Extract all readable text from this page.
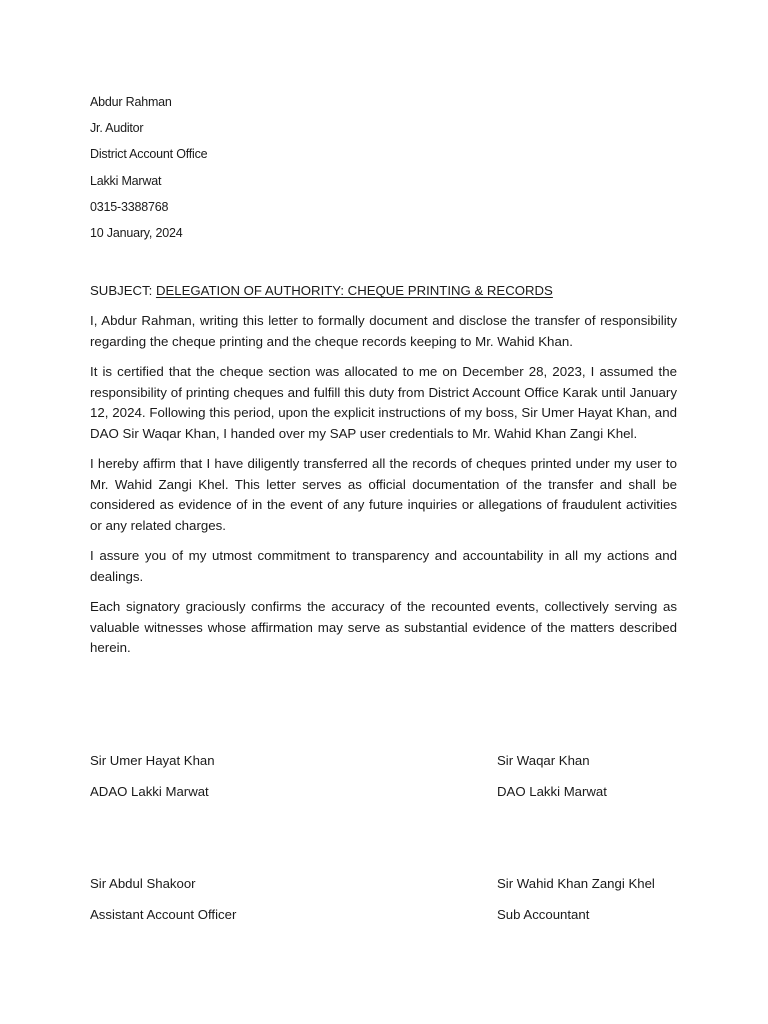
Abdur Rahman
Jr. Auditor
District Account Office
Lakki Marwat
0315-3388768
10 January, 2024
SUBJECT: DELEGATION OF AUTHORITY: CHEQUE PRINTING & RECORDS

I, Abdur Rahman, writing this letter to formally document and disclose the transfer of responsibility regarding the cheque printing and the cheque records keeping to Mr. Wahid Khan.

It is certified that the cheque section was allocated to me on December 28, 2023, I assumed the responsibility of printing cheques and fulfill this duty from District Account Office Karak until January 12, 2024. Following this period, upon the explicit instructions of my boss, Sir Umer Hayat Khan, and DAO Sir Waqar Khan, I handed over my SAP user credentials to Mr. Wahid Khan Zangi Khel.

I hereby affirm that I have diligently transferred all the records of cheques printed under my user to Mr. Wahid Zangi Khel. This letter serves as official documentation of the transfer and shall be considered as evidence of in the event of any future inquiries or allegations of fraudulent activities or any related charges.

I assure you of my utmost commitment to transparency and accountability in all my actions and dealings.

Each signatory graciously confirms the accuracy of the recounted events, collectively serving as valuable witnesses whose affirmation may serve as substantial evidence of the matters described herein.

Sir Umer Hayat Khan
ADAO Lakki Marwat
Sir Waqar Khan
DAO Lakki Marwat
Sir Abdul Shakoor
Assistant Account Officer
Sir Wahid Khan Zangi Khel
Sub Accountant
